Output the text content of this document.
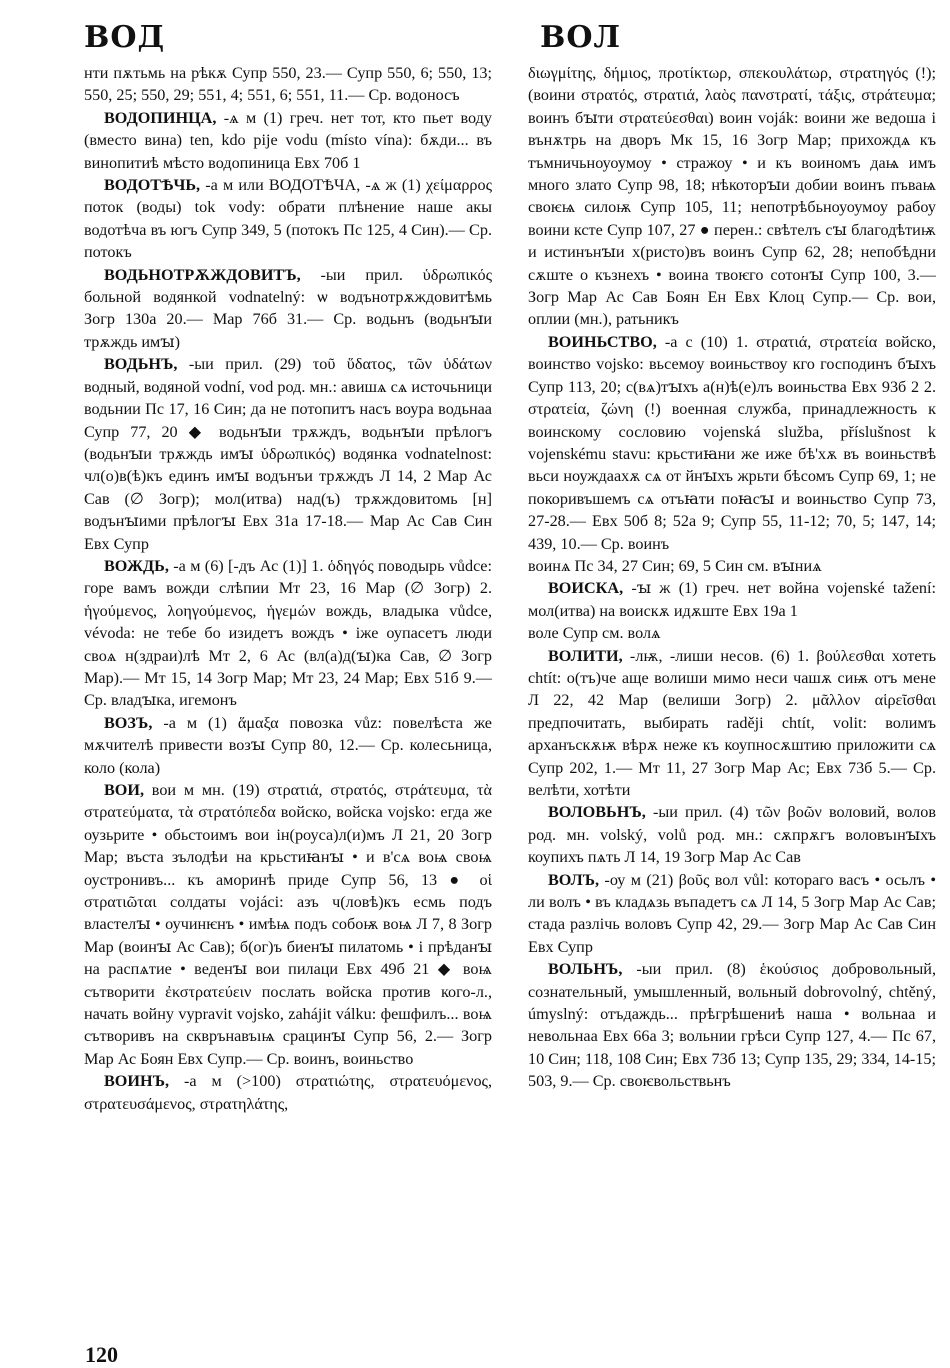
ВОД	ВОЛ

нти пѫтьмь на рѣкѫ Супр 550, 23.— Супр 550, 6; 550, 13; 550, 25; 550, 29; 551, 4; 551, 6; 551, 11.— Ср. водоносъ

ВОДОПИНЦА, -ѧ м (1) греч. нет тот, кто пьет воду (вместо вина) ten, kdo pije vodu (místo vína): бѫди... въ винопитиѣ мѣсто водопиница Евх 70б 1

ВОДОТѢЧЬ, -а м или ВОДОТѢЧА, -ѧ ж (1) χείμαρρος поток (воды) tok vody: обрати плѣнение наше акы водотѣча въ югъ Супр 349, 5 (потокъ Пс 125, 4 Син).— Ср. потокъ

ВОДЬНОТРѪЖДОВИТЪ, -ыи прил. ὑδρωπικός больной водянкой vodnatelný: ѡ водънотрѫждовитѣмь Зогр 130а 20.— Мар 76б 31.— Ср. водьнъ (водьнꙑи трѫждь имꙑ)

ВОДЬНЪ, -ыи прил. (29) τοῦ ὕδατος, τῶν ὑδάτων водный, водяной vodní, vod род. мн.: авишѧ сѧ источьници водьнии Пс 17, 16 Син; да не потопитъ насъ воура водьнаа Супр 77, 20 ◆ водьнꙑи трѫждъ, водьнꙑи прѣлогъ (водьнꙑи трѫждь имꙑ ὑδρωπικός) водянка vodnatelnost: чл(о)в(ѣ)къ единъ имꙑ водънъи трѫждъ Л 14, 2 Мар Ас Сав (∅ Зогр); мол(итва) над(ъ) трѫждовитомь [н] водънꙑими прѣлогꙑ Евх 31а 17-18.— Мар Ас Сав Син Евх Супр

ВОЖДЬ, -а м (6) [-дъ Ас (1)] 1. ὁδηγός поводырь vůdce: горе вамъ вожди слѣпии Мт 23, 16 Мар (∅ Зогр) 2. ἡγούμενος, λοηγούμενος, ἡγεμών вождь, владыка vůdce, vévoda: не тебе бо изидетъ вождъ • іже оупасетъ люди своѧ н(здраи)лѣ Мт 2, 6 Ас (вл(а)д(ꙑ)ка Сав, ∅ Зогр Мар).— Мт 15, 14 Зогр Мар; Мт 23, 24 Мар; Евх 51б 9.— Ср. владꙑка, игемонъ

ВОЗЪ, -а м (1) ἅμαξα повозка vůz: повелѣста же мѫчителѣ привести возꙑ Супр 80, 12.— Ср. колесьница, коло (кола)

ВОИ, вои м мн. (19) στρατιά, στρατός, στράτευμα, τὰ στρατεύματα, τὰ στρατόπεδα войско, войска vojsko: егда же оузьрите • обьстоимъ вои ін(роуса)л(и)мъ Л 21, 20 Зогр Мар; въста зълодѣи на крьстиꙗнꙑ • и в'сѧ воѩ своѩ оустронивъ... къ аморинѣ приде Супр 56, 13 ● οἱ στρατιῶται солдаты vojáci: азъ ч(ловѣ)къ есмь подъ властелꙑ • оучинѥнъ • имѣѩ подъ собоѭ воѩ Л 7, 8 Зогр Мар (воинꙑ Ас Сав); б(ог)ъ биенꙑ пилатомь • і прѣданꙑ на распѧтие • веденꙑ вои пилаци Евх 49б 21 ◆ воѩ сътворити ἐκστρατεύειν послать войска против кого-л., начать войну vypravit vojsko, zahájit válku: фешфилъ... воѩ сътворивъ на скврънавъıѩ срацинꙑ Супр 56, 2.— Зогр Мар Ас Боян Евх Супр.— Ср. воинъ, воиньство

ВОИНЪ, -а м (>100) στρατιώτης, στρατευόμενος, στρατευσάμενος, στρατηλάτης,

διωγμίτης, δήμιος, προτίκτωρ, σπεκουλάτωρ, στρατηγός (!); (воини στρατός, στρατιά, λαὸς πανστρατί, τάξις, στράτευμα; воинъ бꙑти στρατεύεσθαι) воин voják: воини же ведоша і вънѫтрь на дворъ Мк 15, 16 Зогр Мар; прихождѧ къ тъмничьноуоумоу • стражоу • и къ воиномъ даѩ имъ много злато Супр 98, 18; нѣкоторꙑи добии воинъ пъваѩ своѥѩ силоѭ Супр 105, 11; непотрѣбьноуоумоу рабоу воини ксте Супр 107, 27 ● перен.: свѣтелъ сꙑ благодѣтиѭ и истинънꙑи х(ристо)въ воинъ Супр 62, 28; непобѣдни сѫште о къзнехъ • воина твоѥго сотонꙑ Супр 100, 3.— Зогр Мар Ас Сав Боян Ен Евх Клоц Супр.— Ср. вои, оплии (мн.), ратьникъ

ВОИНЬСТВО, -а с (10) 1. στρατιά, στρατεία войско, воинство vojsko: вьсемоу воиньствоу кго господинъ бꙑхъ Супр 113, 20; с(вѧ)тꙑхъ а(н)ѣ(е)лъ воиньства Евх 93б 2 2. στρατεία, ζώνη (!) военная служба, принадлежность к воинскому сословию vojenská služba, příslušnost k vojenskému stavu: крьстиꙗни же иже бѣ'хѫ въ воиньствѣ вьси ноуждаахѫ сѧ от йнꙑхъ жрьти бѣсомъ Супр 69, 1; не покоривъшемъ сѧ отъꙗти поꙗсꙑ и воиньство Супр 73, 27-28.— Евх 50б 8; 52а 9; Супр 55, 11-12; 70, 5; 147, 14; 439, 10.— Ср. воинъ

воинѧ Пс 34, 27 Син; 69, 5 Син см. вꙑниѧ

ВОИСКА, -ꙑ ж (1) греч. нет война vojenské tažení: мол(итва) на воискѫ идѫште Евх 19а 1

воле Супр см. волѧ

ВОЛИТИ, -лѭ, -лиши несов. (6) 1. βούλεσθαι хотеть chtít: о(тъ)че аще волиши мимо неси чашѫ сиѭ отъ мене Л 22, 42 Мар (велиши Зогр) 2. μᾶλλον αἱρεῖσθαι предпочитать, выбирать raději chtít, volit: волимъ арханъскѫѭ вѣрѫ неже къ коупносѫштию приложити сѧ Супр 202, 1.— Мт 11, 27 Зогр Мар Ас; Евх 73б 5.— Ср. велѣти, хотѣти

ВОЛОВЬНЪ, -ыи прил. (4) τῶν βοῶν воловий, волов род. мн. volský, volů род. мн.: сѫпрѫгъ воловъıнꙑхъ коупихъ пѧть Л 14, 19 Зогр Мар Ас Сав

ВОЛЪ, -оу м (21) βοῦς вол vůl: котораго васъ • осьлъ • ли волъ • въ кладѧзь въпадетъ сѧ Л 14, 5 Зогр Мар Ас Сав; стада разлічь воловъ Супр 42, 29.— Зогр Мар Ас Сав Син Евх Супр

ВОЛЬНЪ, -ыи прил. (8) ἑκούσιος добровольный, сознательный, умышленный, вольный dobrovolný, chtěný, úmyslný: отъдаждь... прѣгрѣшениѣ наша • вольнаа и невольнаа Евх 66а 3; вольнии грѣси Супр 127, 4.— Пс 67, 10 Син; 118, 108 Син; Евх 73б 13; Супр 135, 29; 334, 14-15; 503, 9.— Ср. своѥвольствьнъ

120
